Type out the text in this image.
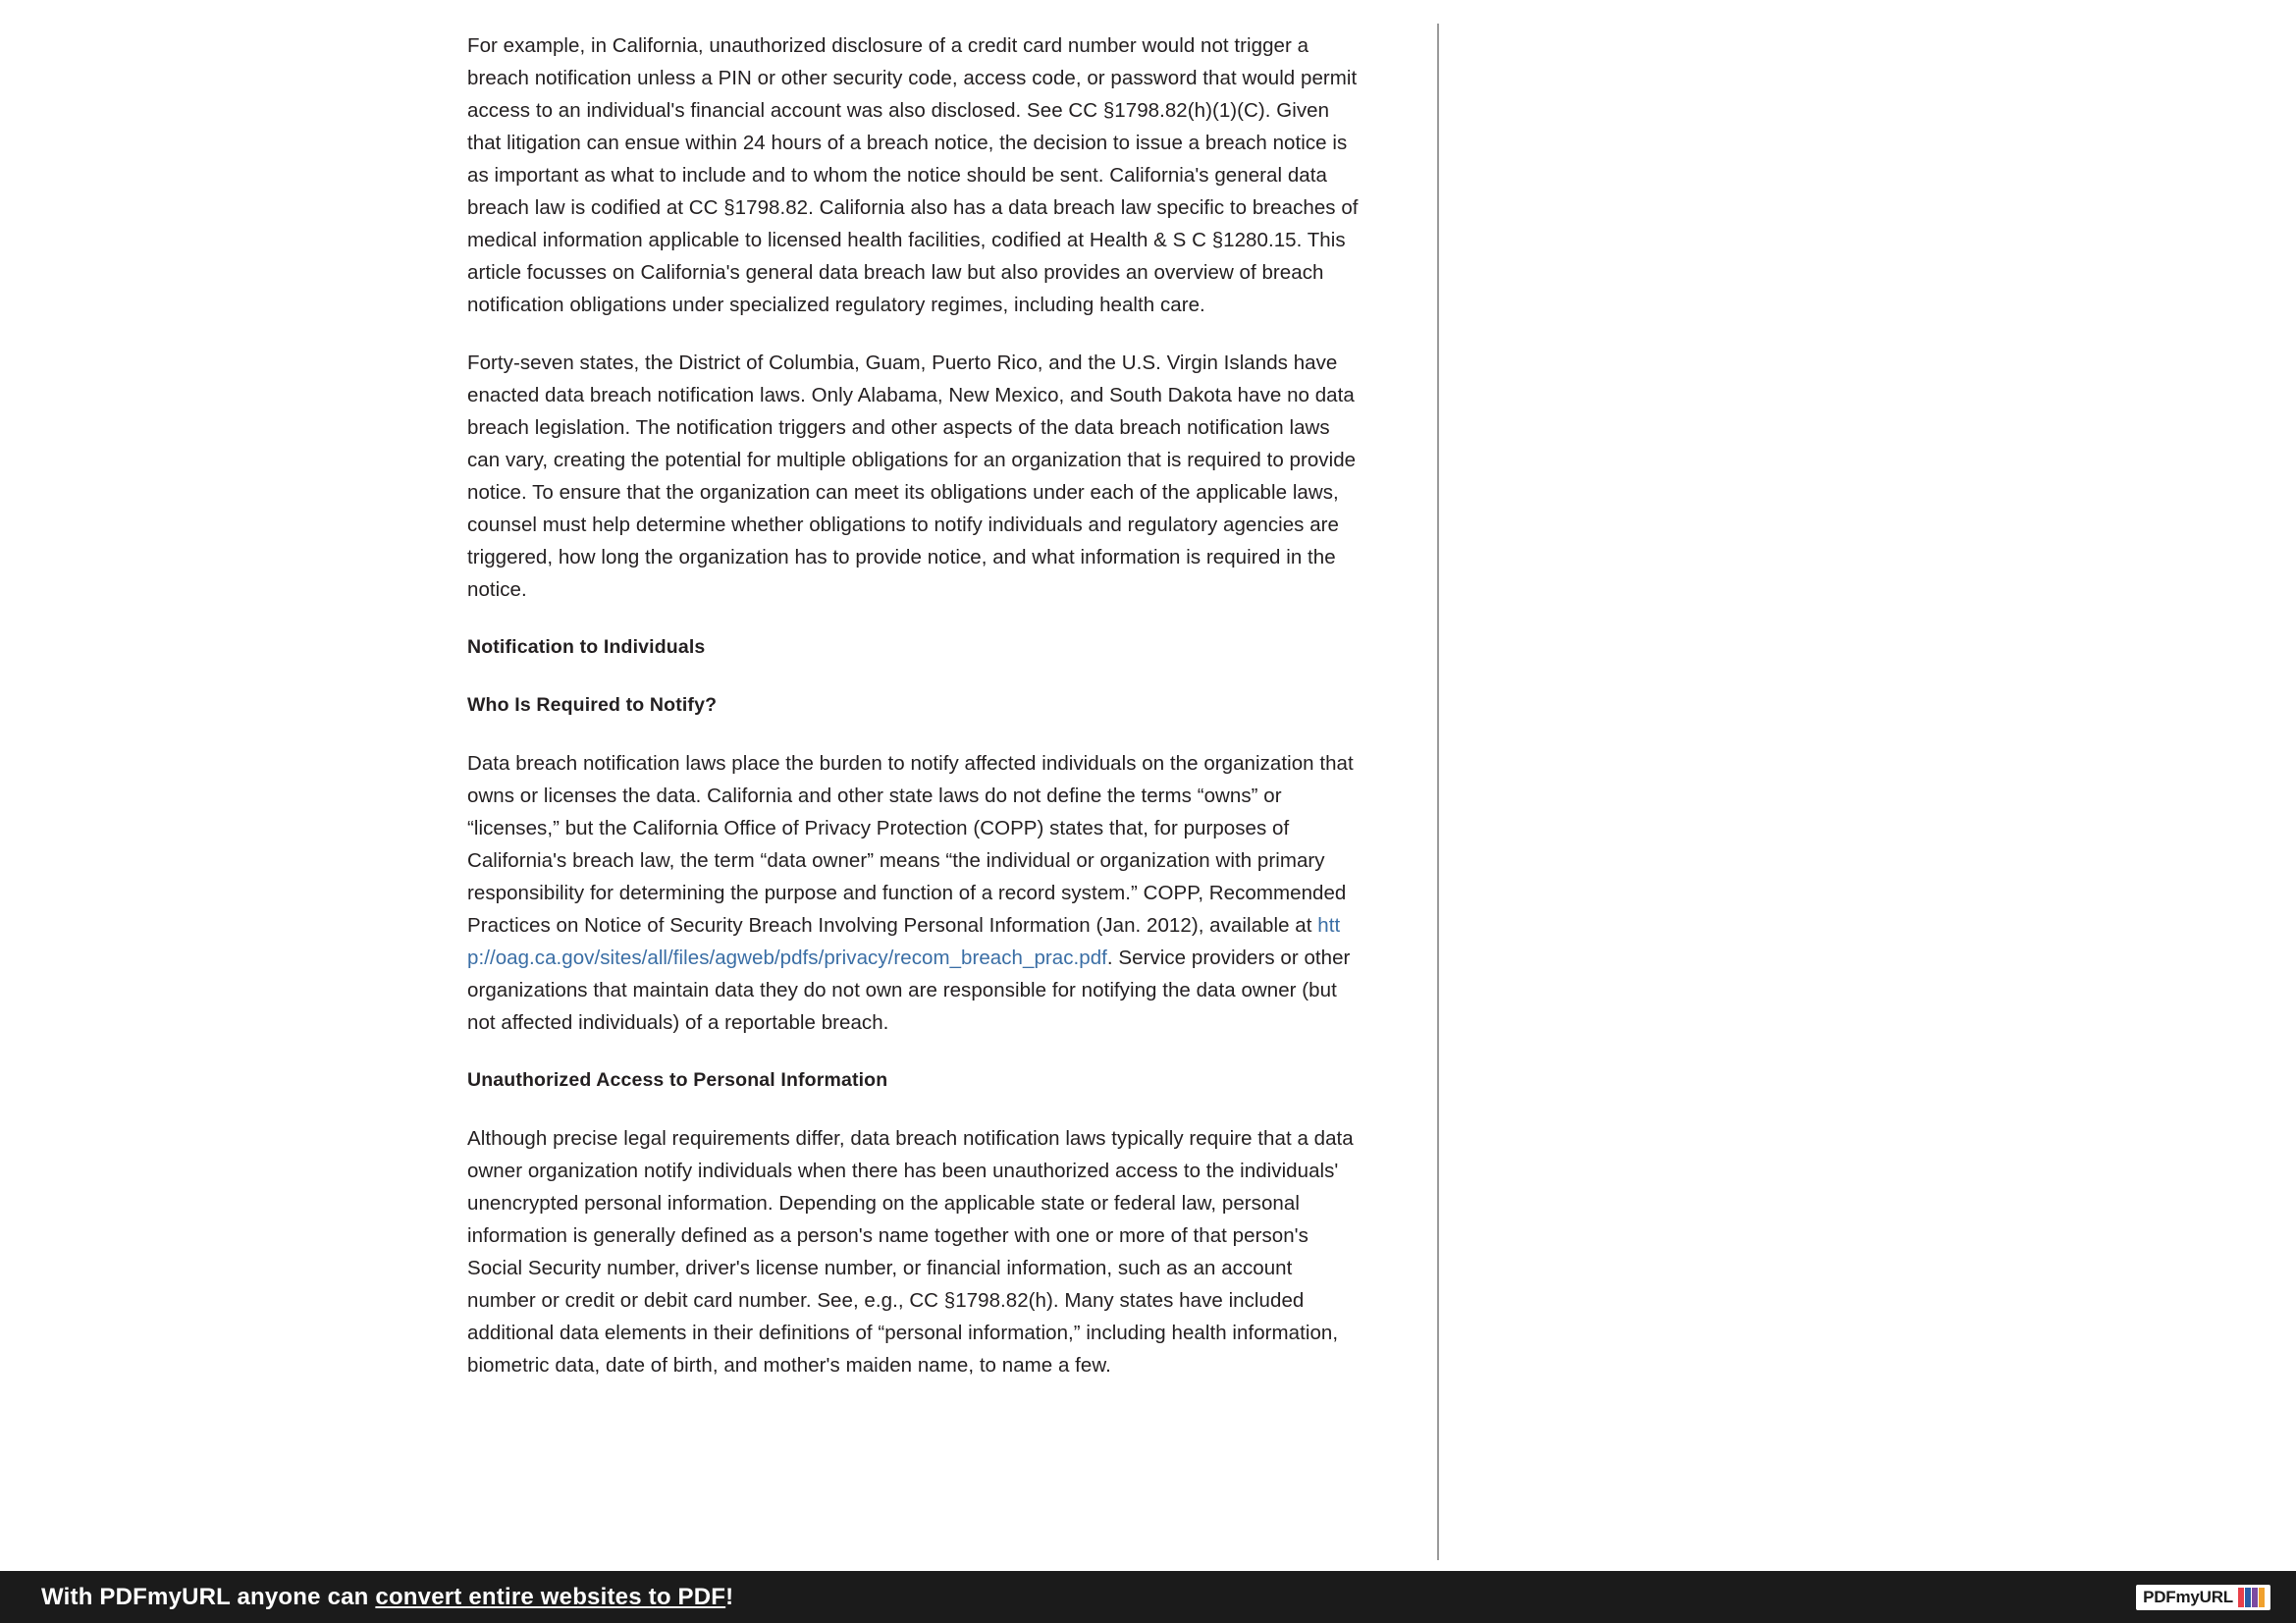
For example, in California, unauthorized disclosure of a credit card number would not trigger a breach notification unless a PIN or other security code, access code, or password that would permit access to an individual's financial account was also disclosed. See CC §1798.82(h)(1)(C). Given that litigation can ensue within 24 hours of a breach notice, the decision to issue a breach notice is as important as what to include and to whom the notice should be sent. California's general data breach law is codified at CC §1798.82. California also has a data breach law specific to breaches of medical information applicable to licensed health facilities, codified at Health & S C §1280.15. This article focusses on California's general data breach law but also provides an overview of breach notification obligations under specialized regulatory regimes, including health care.

Forty-seven states, the District of Columbia, Guam, Puerto Rico, and the U.S. Virgin Islands have enacted data breach notification laws. Only Alabama, New Mexico, and South Dakota have no data breach legislation. The notification triggers and other aspects of the data breach notification laws can vary, creating the potential for multiple obligations for an organization that is required to provide notice. To ensure that the organization can meet its obligations under each of the applicable laws, counsel must help determine whether obligations to notify individuals and regulatory agencies are triggered, how long the organization has to provide notice, and what information is required in the notice.

Notification to Individuals
Who Is Required to Notify?

Data breach notification laws place the burden to notify affected individuals on the organization that owns or licenses the data. California and other state laws do not define the terms “owns” or “licenses,” but the California Office of Privacy Protection (COPP) states that, for purposes of California's breach law, the term “data owner” means “the individual or organization with primary responsibility for determining the purpose and function of a record system.” COPP, Recommended Practices on Notice of Security Breach Involving Personal Information (Jan. 2012), available at http://oag.ca.gov/sites/all/files/agweb/pdfs/privacy/recom_breach_prac.pdf. Service providers or other organizations that maintain data they do not own are responsible for notifying the data owner (but not affected individuals) of a reportable breach.

Unauthorized Access to Personal Information

Although precise legal requirements differ, data breach notification laws typically require that a data owner organization notify individuals when there has been unauthorized access to the individuals' unencrypted personal information. Depending on the applicable state or federal law, personal information is generally defined as a person's name together with one or more of that person's Social Security number, driver's license number, or financial information, such as an account number or credit or debit card number. See, e.g., CC §1798.82(h). Many states have included additional data elements in their definitions of “personal information,” including health information, biometric data, date of birth, and mother's maiden name, to name a few.

With PDFmyURL anyone can convert entire websites to PDF!	PDFmyURL
